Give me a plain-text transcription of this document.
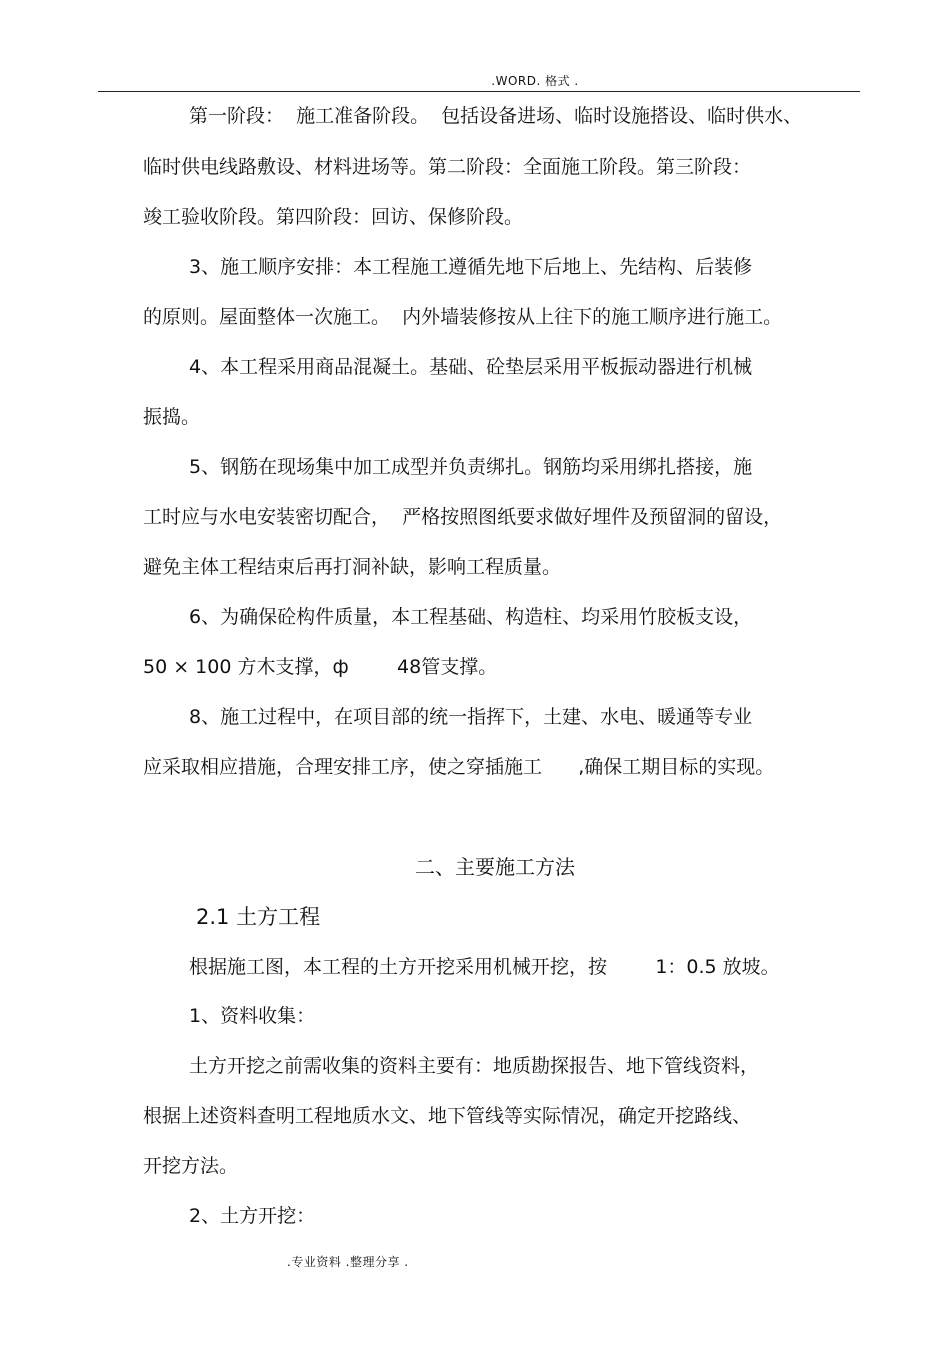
.WORD. 格式 .
第一阶段：  施工准备阶段。  包括设备进场、临时设施搭设、临时供水、
临时供电线路敷设、材料进场等。第二阶段：全面施工阶段。第三阶段：
竣工验收阶段。第四阶段：回访、保修阶段。
3、施工顺序安排：本工程施工遵循先地下后地上、先结构、后装修
的原则。屋面整体一次施工。  内外墙装修按从上往下的施工顺序进行施工。
4、本工程采用商品混凝土。基础、砼垫层采用平板振动器进行机械
振捣。
5、钢筋在现场集中加工成型并负责绑扎。钢筋均采用绑扎搭接，施
工时应与水电安装密切配合，  严格按照图纸要求做好埋件及预留洞的留设，
避免主体工程结束后再打洞补缺，影响工程质量。
6、为确保砼构件质量，本工程基础、构造柱、均采用竹胶板支设，
50 × 100 方木支撑，ф        48管支撑。
8、施工过程中，在项目部的统一指挥下，土建、水电、暖通等专业
应采取相应措施，合理安排工序，使之穿插施工      ,确保工期目标的实现。
二、主要施工方法
2.1 土方工程
根据施工图，本工程的土方开挖采用机械开挖，按        1：0.5 放坡。
1、资料收集：
土方开挖之前需收集的资料主要有：地质勘探报告、地下管线资料，
根据上述资料查明工程地质水文、地下管线等实际情况，确定开挖路线、
开挖方法。
2、土方开挖：
.专业资料 .整理分享 .
